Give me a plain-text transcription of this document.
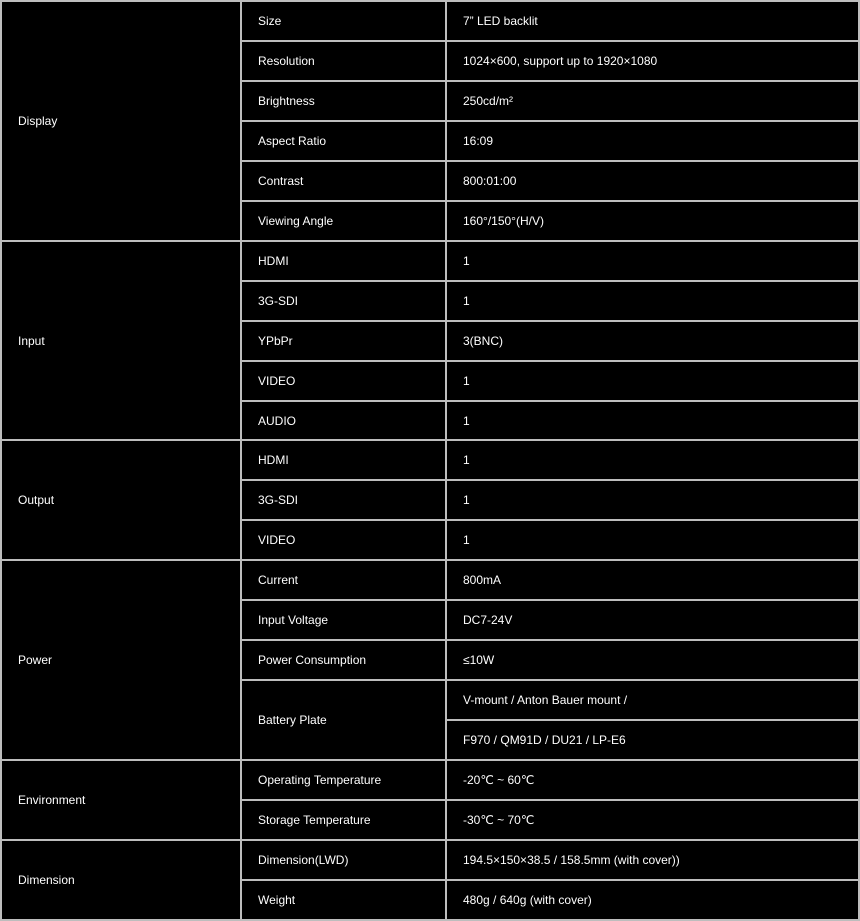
Display	Size	7” LED backlit
	Resolution	1024×600, support up to 1920×1080
	Brightness	250cd/m²
	Aspect Ratio	16:09
	Contrast	800:01:00
	Viewing Angle	160°/150°(H/V)
Input	HDMI	1
	3G-SDI	1
	YPbPr	3(BNC)
	VIDEO	1
	AUDIO	1
Output	HDMI	1
	3G-SDI	1
	VIDEO	1
Power	Current	800mA
	Input Voltage	DC7-24V
	Power Consumption	≤10W
	Battery Plate	V-mount / Anton Bauer mount /
		F970 / QM91D / DU21 / LP-E6
Environment	Operating Temperature	-20℃ ~ 60℃
	Storage Temperature	-30℃ ~ 70℃
Dimension	Dimension(LWD)	194.5×150×38.5 / 158.5mm (with cover))
	Weight	480g / 640g (with cover)
